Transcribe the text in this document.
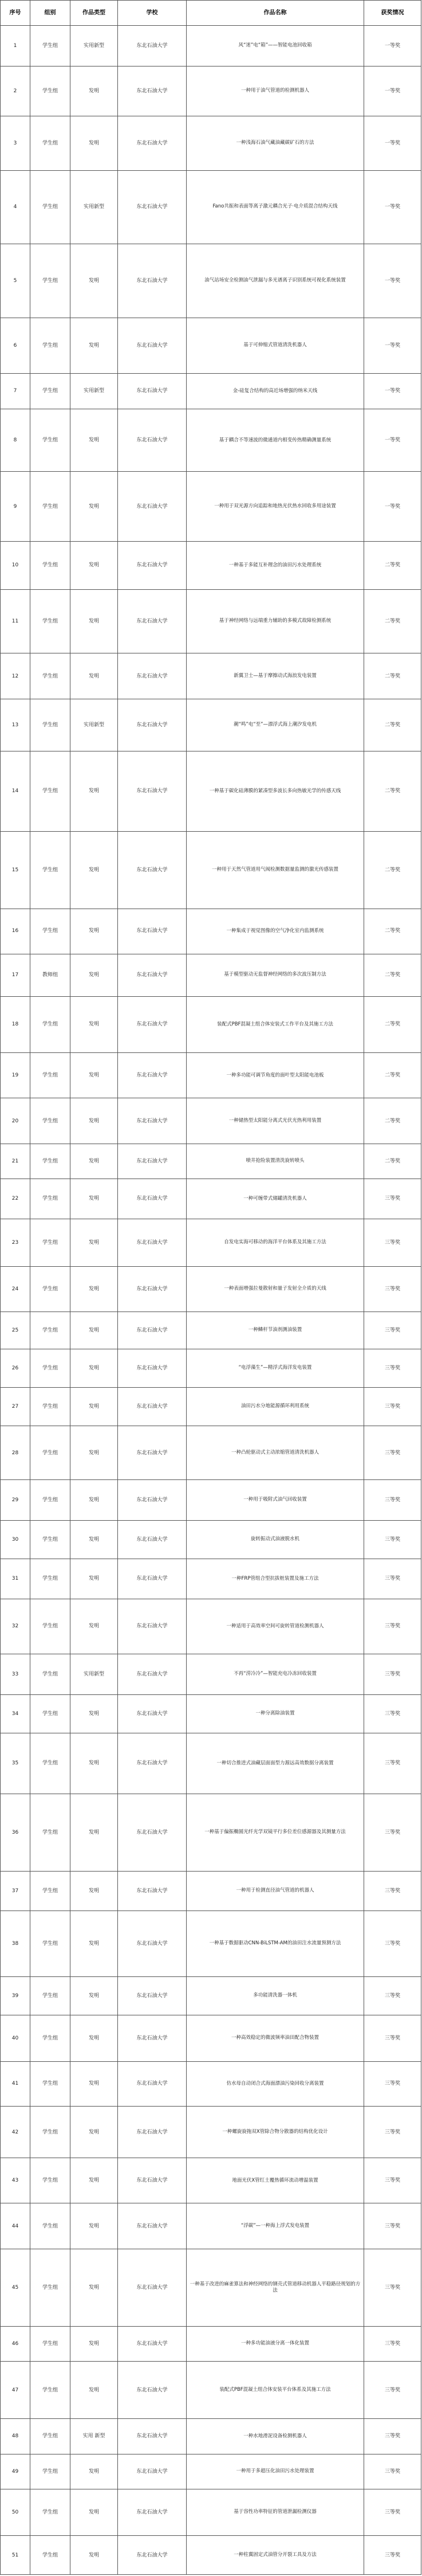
序号	组别	作品类型	学校	作品名称	获奖情况
1	学生组	实用新型	东北石油大学	风“迷”电“箱”——智能电池回收箱	一等奖
2	学生组	发明	东北石油大学	一种用于油气管道的检测机器人	一等奖
3	学生组	发明	东北石油大学	一种浅海石油气藏油藏碳矿石的方法	一等奖
4	学生组	实用新型	东北石油大学	Fano共振和表面等离子激元耦合光子·电介质混合结构天线	一等奖
5	学生组	发明	东北石油大学	油气站场安全检测油气泄漏与多光谱离子识别系统可视化系统装置	一等奖
6	学生组	发明	东北石油大学	基于可伸缩式管道清洗机器人	一等奖
7	学生组	实用新型	东北石油大学	金-硅复合结构的高近场增强的纳米天线	一等奖
8	学生组	发明	东北石油大学	基于耦合不等速波的微通道内相变传热精确测量系统	一等奖
9	学生组	发明	东北石油大学	一种用于双光源方向追踪和地热光伏热水回收多用途装置	一等奖
10	学生组	发明	东北石油大学	一种基于多能互补理念的油田污水处理系统	二等奖
11	学生组	发明	东北石油大学	基于神经网络与远端重力辅助的多模式故障检测系统	二等奖
12	学生组	发明	东北石油大学	新翼卫士—基于摩擦动式海浪发电装置	二等奖
13	学生组	实用新型	东北石油大学	潮“鸣”电“至”—漂浮式海上潮汐发电机	二等奖
14	学生组	发明	东北石油大学	一种基于碳化硅薄膜的紧凑型多波长多向热敏光学的传感天线	二等奖
15	学生组	发明	东北石油大学	一种用于天然气管道用气阀检测数据量监测的激光传感装置	二等奖
16	学生组	发明	东北石油大学	一种集成于视觉图像的空气净化室内监测系统	二等奖
17	教师组	发明	东北石油大学	基于模型驱动无监督神经网络的多次波压制方法	二等奖
18	学生组	发明	东北石油大学	装配式PBF混凝土组合体安装式工作平台及其施工方法	二等奖
19	学生组	发明	东北石油大学	一种多功能可调节角度的面叶型太阳能电池板	二等奖
20	学生组	发明	东北石油大学	一种储热型太阳能分离式光伏光热利用装置	二等奖
21	学生组	发明	东北石油大学	喷井抢险装置清洗旋转喷头	二等奖
22	学生组	发明	东北石油大学	一种可缠带式储罐清洗机器人	三等奖
23	学生组	发明	东北石油大学	自发电实海可移动的海洋平台体系及其施工方法	三等奖
24	学生组	发明	东北石油大学	一种表面增强拉曼散射和量子发射全介质的天线	三等奖
25	学生组	发明	东北石油大学	一种鳞杆节油剂测油装置	三等奖
26	学生组	发明	东北石油大学	“电浮藻生”—精浮式海洋发电装置	三等奖
27	学生组	发明	东北石油大学	油田污水分地能源循环利用系统	三等奖
28	学生组	发明	东北石油大学	一种凸轮驱动式主动浓缩管道清洗机器人	三等奖
29	学生组	发明	东北石油大学	一种用于吸附式油气回收装置	三等奖
30	学生组	发明	东北石油大学	旋转振动式油液脱水机	三等奖
31	学生组	发明	东北石油大学	一种FRP管组合型抗拔桩装置及施工方法	三等奖
32	学生组	发明	东北石油大学	一种适用于高效率空间可旋转管道检测机器人	三等奖
33	学生组	实用新型	东北石油大学	不再“涝冷冷”—智能充电冷冻回收装置	三等奖
34	学生组	发明	东北石油大学	一种分离除油装置	三等奖
35	学生组	发明	东北石油大学	一种切合推进式油藏层面面型力源远高效数据分离装置	三等奖
36	学生组	发明	东北石油大学	一种基于偏振椭圆光纤光学双镜平行多位差位感源器及其测量方法	三等奖
37	学生组	发明	东北石油大学	一种用于检测直径油气管道的机器人	三等奖
38	学生组	发明	东北石油大学	一种基于数据驱动CNN-BiLSTM-AM的油田注水流量预测方法	三等奖
39	学生组	发明	东北石油大学	多功能清洗器一体机	三等奖
40	学生组	发明	东北石油大学	一种高效稳定的微波频率油田配合物装置	三等奖
41	学生组	发明	东北石油大学	仿水母自动闭合式海面漂油污染回收分离装置	三等奖
42	学生组	发明	东北石油大学	一种螺旋旋拖双X管除合物分散器的结构优化设计	三等奖
43	学生组	发明	东北石油大学	地面光伏X管红土覆热循环流动增温装置	三等奖
44	学生组	发明	东北石油大学	“浮碳”—一种海上浮式发电装置	三等奖
45	学生组	发明	东北石油大学	一种基于改进的麻雀算法和神经网络的钢壳式管道移动机器人平稳路径规划的方法	三等奖
46	学生组	发明	东北石油大学	一种多功能油液分离一体化装置	三等奖
47	学生组	发明	东北石油大学	装配式PBF混凝土组合体安装平台体系及其施工方法	三等奖
48	学生组	实用 新型	东北石油大学	一种水地滑泥设备检测机器人	三等奖
49	学生组	发明	东北石油大学	一种用于多超压化油田污水处理装置	三等奖
50	学生组	发明	东北石油大学	基于容性功率特征的管道泄漏检测仪器	三等奖
51	学生组	发明	东北石油大学	一种柱翼固定式油管分开裂工具及方法	三等奖
